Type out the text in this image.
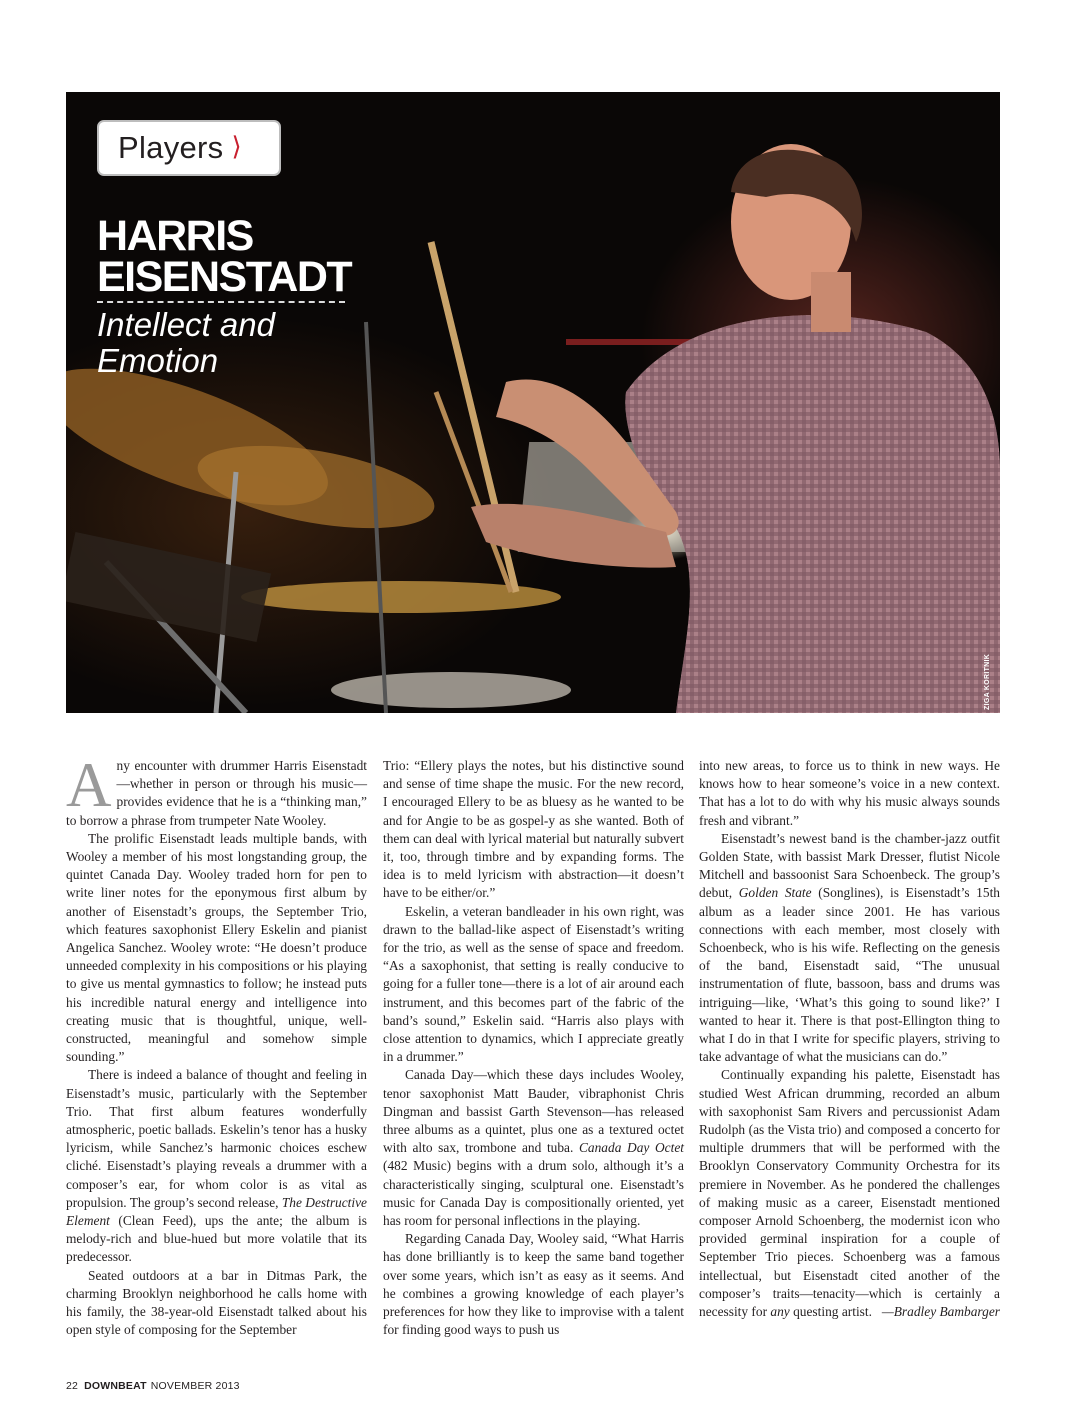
Players ⟩
HARRIS
EISENSTADT
Intellect and
Emotion
ZIGA KORITNIK

Any encounter with drummer Harris Eisenstadt—whether in person or through his music—provides evidence that he is a “thinking man,” to borrow a phrase from trumpeter Nate Wooley.

The prolific Eisenstadt leads multiple bands, with Wooley a member of his most longstanding group, the quintet Canada Day. Wooley traded horn for pen to write liner notes for the eponymous first album by another of Eisenstadt’s groups, the September Trio, which features saxophonist Ellery Eskelin and pianist Angelica Sanchez. Wooley wrote: “He doesn’t produce unneeded complexity in his compositions or his playing to give us mental gymnastics to follow; he instead puts his incredible natural energy and intelligence into creating music that is thoughtful, unique, well-constructed, meaningful and somehow simple sounding.”

There is indeed a balance of thought and feeling in Eisenstadt’s music, particularly with the September Trio. That first album features wonderfully atmospheric, poetic ballads. Eskelin’s tenor has a husky lyricism, while Sanchez’s harmonic choices eschew cliché. Eisenstadt’s playing reveals a drummer with a composer’s ear, for whom color is as vital as propulsion. The group’s second release, The Destructive Element (Clean Feed), ups the ante; the album is melody-rich and blue-hued but more volatile that its predecessor.

Seated outdoors at a bar in Ditmas Park, the charming Brooklyn neighborhood he calls home with his family, the 38-year-old Eisenstadt talked about his open style of composing for the September

Trio: “Ellery plays the notes, but his distinctive sound and sense of time shape the music. For the new record, I encouraged Ellery to be as bluesy as he wanted to be and for Angie to be as gospel-y as she wanted. Both of them can deal with lyrical material but naturally subvert it, too, through timbre and by expanding forms. The idea is to meld lyricism with abstraction—it doesn’t have to be either/or.”

Eskelin, a veteran bandleader in his own right, was drawn to the ballad-like aspect of Eisenstadt’s writing for the trio, as well as the sense of space and freedom. “As a saxophonist, that setting is really conducive to going for a fuller tone—there is a lot of air around each instrument, and this becomes part of the fabric of the band’s sound,” Eskelin said. “Harris also plays with close attention to dynamics, which I appreciate greatly in a drummer.”

Canada Day—which these days includes Wooley, tenor saxophonist Matt Bauder, vibraphonist Chris Dingman and bassist Garth Stevenson—has released three albums as a quintet, plus one as a textured octet with alto sax, trombone and tuba. Canada Day Octet (482 Music) begins with a drum solo, although it’s a characteristically singing, sculptural one. Eisenstadt’s music for Canada Day is compositionally oriented, yet has room for personal inflections in the playing.

Regarding Canada Day, Wooley said, “What Harris has done brilliantly is to keep the same band together over some years, which isn’t as easy as it seems. And he combines a growing knowledge of each player’s preferences for how they like to improvise with a talent for finding good ways to push us

into new areas, to force us to think in new ways. He knows how to hear someone’s voice in a new context. That has a lot to do with why his music always sounds fresh and vibrant.”

Eisenstadt’s newest band is the chamber-jazz outfit Golden State, with bassist Mark Dresser, flutist Nicole Mitchell and bassoonist Sara Schoenbeck. The group’s debut, Golden State (Songlines), is Eisenstadt’s 15th album as a leader since 2001. He has various connections with each member, most closely with Schoenbeck, who is his wife. Reflecting on the genesis of the band, Eisenstadt said, “The unusual instrumentation of flute, bassoon, bass and drums was intriguing—like, ‘What’s this going to sound like?’ I wanted to hear it. There is that post-Ellington thing to what I do in that I write for specific players, striving to take advantage of what the musicians can do.”

Continually expanding his palette, Eisenstadt has studied West African drumming, recorded an album with saxophonist Sam Rivers and percussionist Adam Rudolph (as the Vista trio) and composed a concerto for multiple drummers that will be performed with the Brooklyn Conservatory Community Orchestra for its premiere in November. As he pondered the challenges of making music as a career, Eisenstadt mentioned composer Arnold Schoenberg, the modernist icon who provided germinal inspiration for a couple of September Trio pieces. Schoenberg was a famous intellectual, but Eisenstadt cited another of the composer’s traits—tenacity—which is certainly a necessity for any questing artist. —Bradley Bambarger
22 DOWNBEAT NOVEMBER 2013
